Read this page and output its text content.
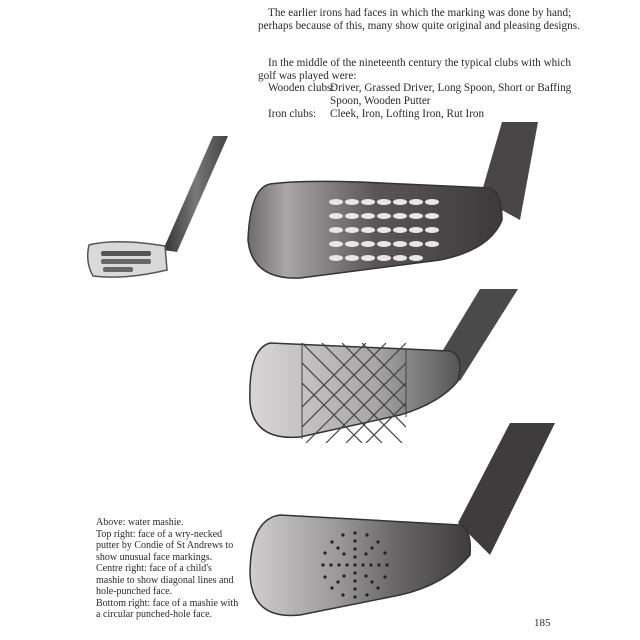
The earlier irons had faces in which the marking was done by hand; perhaps because of this, many show quite original and pleasing designs.

In the middle of the nineteenth century the typical clubs with which golf was played were:

Wooden clubs:
Driver, Grassed Driver, Long Spoon, Short or Baffing Spoon, Wooden Putter
Iron clubs: Cleek, Iron, Lofting Iron, Rut Iron
Above: water mashie.
Top right: face of a wry-necked
putter by Condie of St Andrews to
show unusual face markings.
Centre right: face of a child's
mashie to show diagonal lines and
hole-punched face.
Bottom right: face of a mashie with
a circular punched-hole face.
185
